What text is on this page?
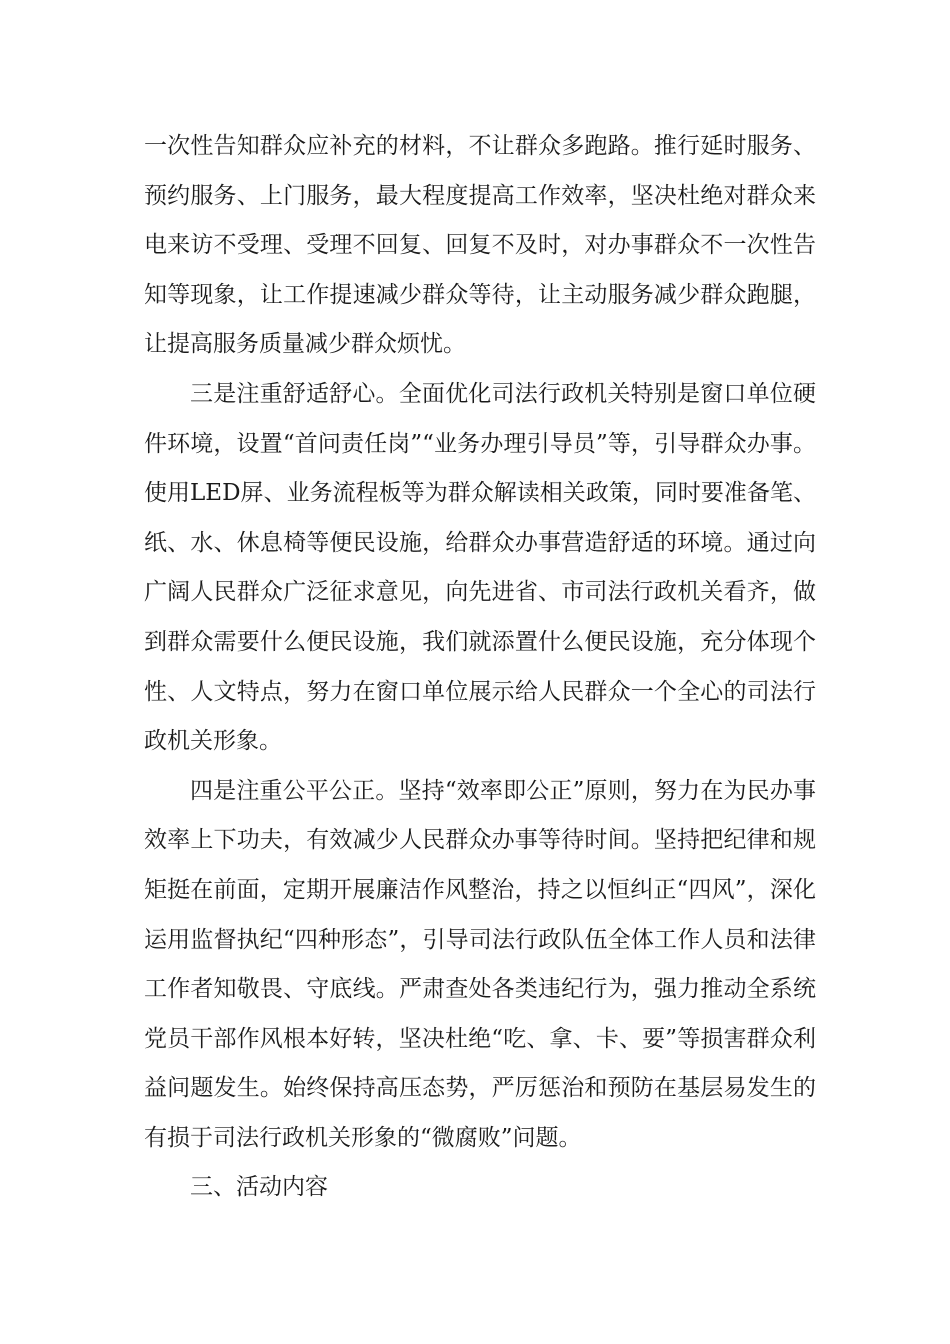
一次性告知群众应补充的材料，不让群众多跑路。推行延时服务、预约服务、上门服务，最大程度提高工作效率，坚决杜绝对群众来电来访不受理、受理不回复、回复不及时，对办事群众不一次性告知等现象，让工作提速减少群众等待，让主动服务减少群众跑腿，让提高服务质量减少群众烦忧。

三是注重舒适舒心。全面优化司法行政机关特别是窗口单位硬件环境，设置“首问责任岗”“业务办理引导员”等，引导群众办事。使用LED屏、业务流程板等为群众解读相关政策，同时要准备笔、纸、水、休息椅等便民设施，给群众办事营造舒适的环境。通过向广阔人民群众广泛征求意见，向先进省、市司法行政机关看齐，做到群众需要什么便民设施，我们就添置什么便民设施，充分体现个性、人文特点，努力在窗口单位展示给人民群众一个全心的司法行政机关形象。

四是注重公平公正。坚持“效率即公正”原则，努力在为民办事效率上下功夫，有效减少人民群众办事等待时间。坚持把纪律和规矩挺在前面，定期开展廉洁作风整治，持之以恒纠正“四风”，深化运用监督执纪“四种形态”，引导司法行政队伍全体工作人员和法律工作者知敬畏、守底线。严肃查处各类违纪行为，强力推动全系统党员干部作风根本好转，坚决杜绝“吃、拿、卡、要”等损害群众利益问题发生。始终保持高压态势，严厉惩治和预防在基层易发生的有损于司法行政机关形象的“微腐败”问题。

三、活动内容
